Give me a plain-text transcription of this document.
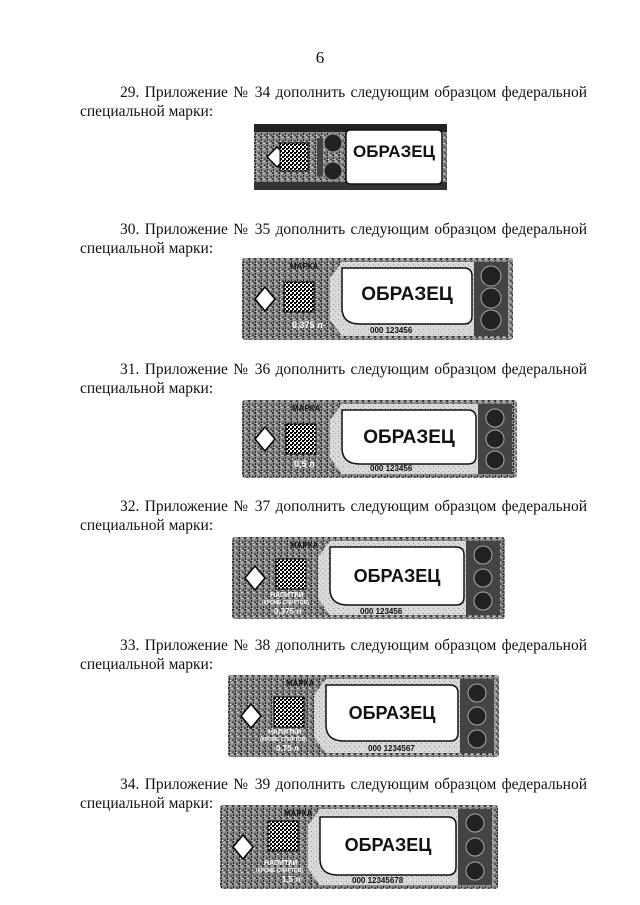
6
29. Приложение № 34 дополнить следующим образцом федеральной
специальной марки:
ОБРАЗЕЦ
30. Приложение № 35 дополнить следующим образцом федеральной
специальной марки:
ОБРАЗЕЦ
МАРКА
0,375 л
000 123456
31. Приложение № 36 дополнить следующим образцом федеральной
специальной марки:
ОБРАЗЕЦ
МАРКА
0,5 л	000 123456
32. Приложение № 37 дополнить следующим образцом федеральной
специальной марки:
ОБРАЗЕЦ
МАРКА
НАПИТКИ
(КРОМЕ СПИРТОВ)
0,375 л	000 123456
33. Приложение № 38 дополнить следующим образцом федеральной
специальной марки:
ОБРАЗЕЦ
МАРКА
НАПИТКИ
(КРОМЕ СПИРТОВ)
0,75 л	000 1234567
34. Приложение № 39 дополнить следующим образцом федеральной
специальной марки:
ОБРАЗЕЦ
МАРКА
НАПИТКИ
(КРОМЕ СПИРТОВ)
1,5 л	000 12345678
